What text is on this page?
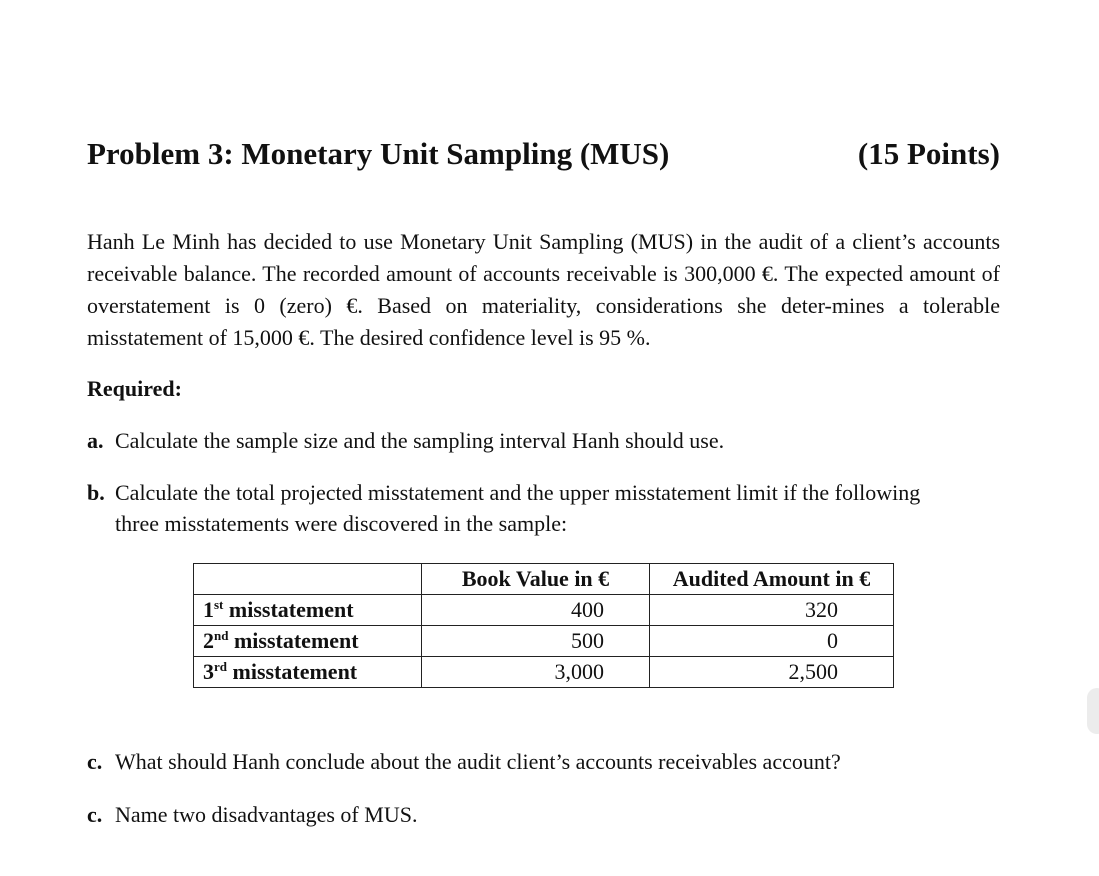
Problem 3: Monetary Unit Sampling (MUS)	(15 Points)
Hanh Le Minh has decided to use Monetary Unit Sampling (MUS) in the audit of a client’s accounts receivable balance. The recorded amount of accounts receivable is 300,000 €. The expected amount of overstatement is 0 (zero) €. Based on materiality, considerations she deter-mines a tolerable misstatement of 15,000 €. The desired confidence level is 95 %.
Required:
a. Calculate the sample size and the sampling interval Hanh should use.
b. Calculate the total projected misstatement and the upper misstatement limit if the following
three misstatements were discovered in the sample:
	Book Value in €	Audited Amount in €
1st misstatement	400	320
2nd misstatement	500	0
3rd misstatement	3,000	2,500
c. What should Hanh conclude about the audit client’s accounts receivables account?
c. Name two disadvantages of MUS.
